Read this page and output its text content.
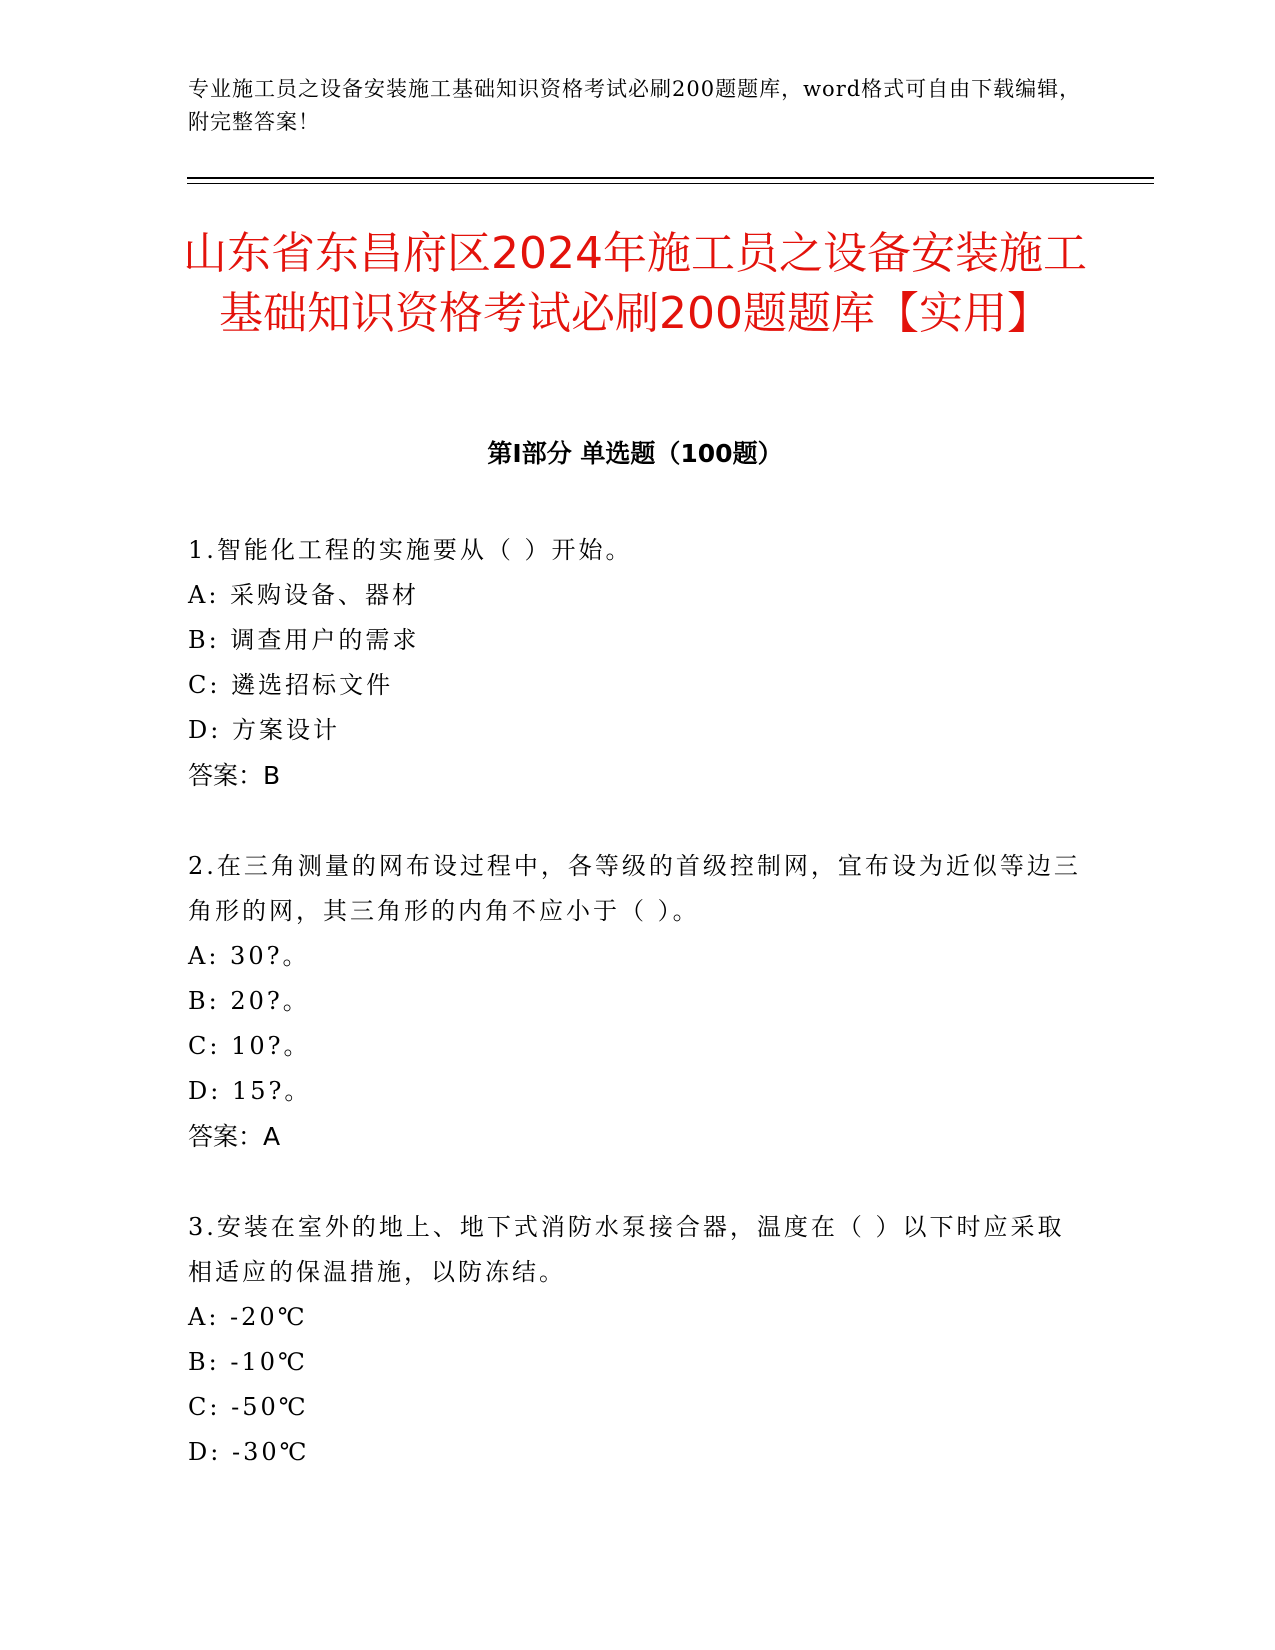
专业施工员之设备安装施工基础知识资格考试必刷200题题库，word格式可自由下载编辑，附完整答案！
山东省东昌府区2024年施工员之设备安装施工基础知识资格考试必刷200题题库【实用】
第I部分 单选题（100题）

1.智能化工程的实施要从（ ）开始。

A: 采购设备、器材

B: 调查用户的需求

C: 遴选招标文件

D: 方案设计

答案：B

2.在三角测量的网布设过程中，各等级的首级控制网，宜布设为近似等边三角形的网，其三角形的内角不应小于（ ）。

A: 30?。

B: 20?。

C: 10?。

D: 15?。

答案：A

3.安装在室外的地上、地下式消防水泵接合器，温度在（ ）以下时应采取相适应的保温措施，以防冻结。

A: -20℃

B: -10℃

C: -50℃

D: -30℃
